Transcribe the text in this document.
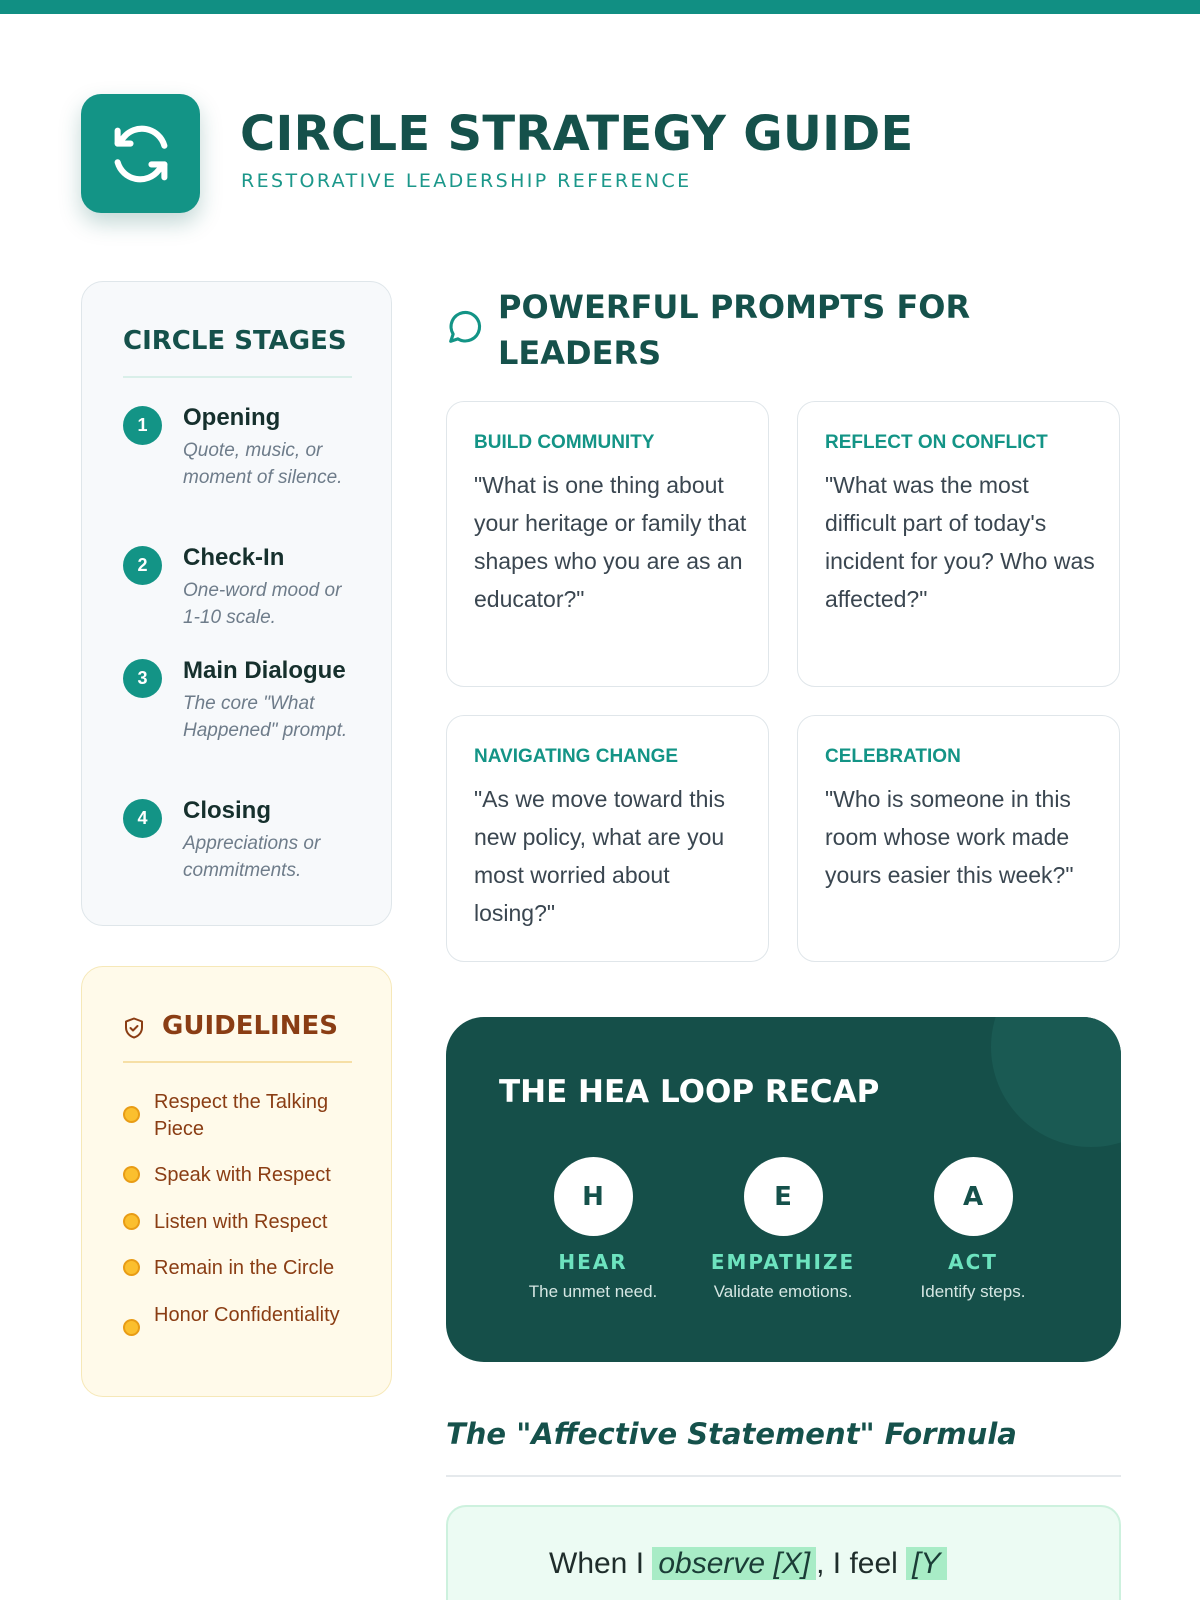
CIRCLE STRATEGY GUIDE
RESTORATIVE LEADERSHIP REFERENCE
CIRCLE STAGES
1	Opening
Quote, music, or moment of silence.
2	Check-In
One-word mood or 1-10 scale.
3	Main Dialogue
The core "What Happened" prompt.
4	Closing
Appreciations or commitments.
GUIDELINES
Respect the Talking Piece
Speak with Respect
Listen with Respect
Remain in the Circle
Honor Confidentiality
POWERFUL PROMPTS FOR LEADERS
BUILD COMMUNITY
"What is one thing about your heritage or family that shapes who you are as an educator?"
REFLECT ON CONFLICT
"What was the most difficult part of today's incident for you? Who was affected?"
NAVIGATING CHANGE
"As we move toward this new policy, what are you most worried about losing?"
CELEBRATION
"Who is someone in this room whose work made yours easier this week?"
THE HEA LOOP RECAP
H
HEAR
The unmet need.
E
EMPATHIZE
Validate emotions.
A
ACT
Identify steps.
The "Affective Statement" Formula
When I observe [X] , I feel [Y
